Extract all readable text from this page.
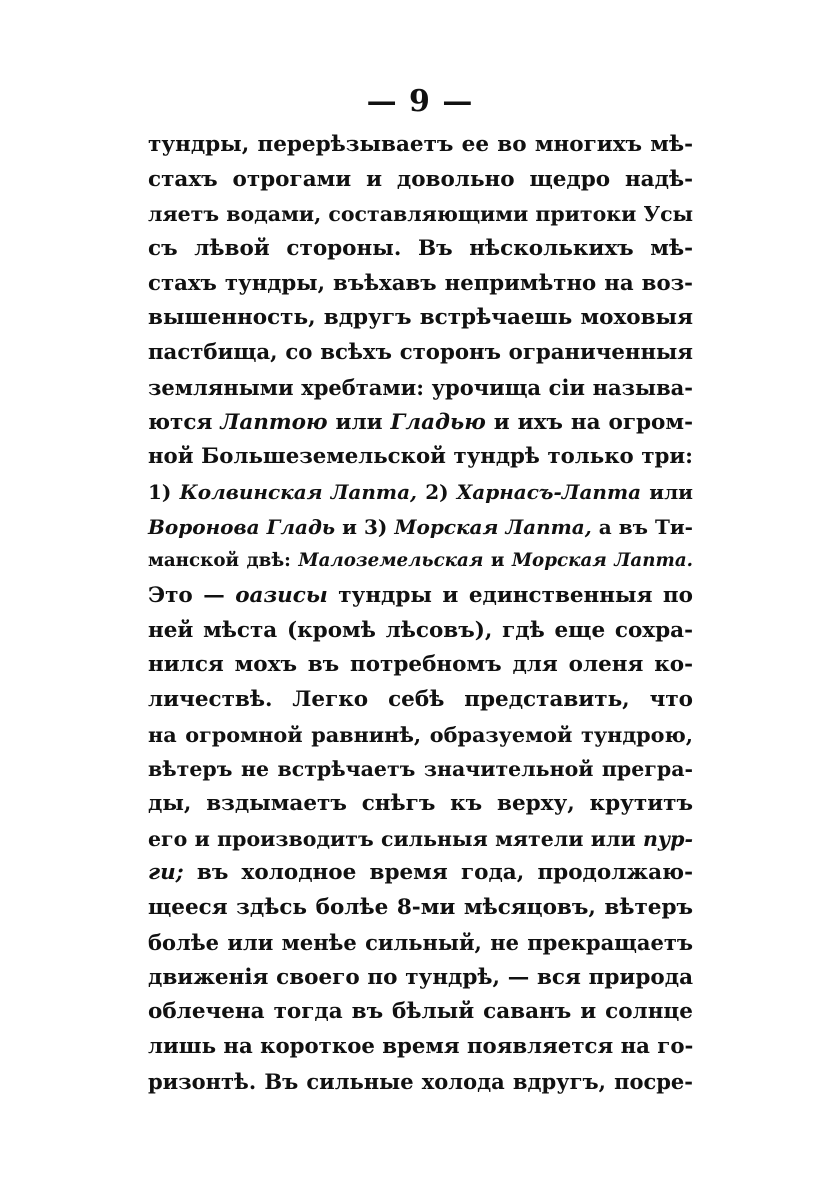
— 9 —
тундры, перерѣзываетъ ее во многихъ мѣ-
стахъ отрогами и довольно щедро надѣ-
ляетъ водами, составляющими притоки Усы
съ лѣвой стороны. Въ нѣсколькихъ мѣ-
стахъ тундры, въѣхавъ непримѣтно на воз-
вышенность, вдругъ встрѣчаешь моховыя
пастбища, со всѣхъ сторонъ ограниченныя
земляными хребтами: урочища сіи называ-
ются Лаптою или Гладью и ихъ на огром-
ной Большеземельской тундрѣ только три:
1) Колвинская Лапта, 2) Харнасъ-Лапта или
Воронова Гладь и 3) Морская Лапта, а въ Ти-
манской двѣ: Малоземельская и Морская Лапта.
Это — оазисы тундры и единственныя по
ней мѣста (кромѣ лѣсовъ), гдѣ еще сохра-
нился мохъ въ потребномъ для оленя ко-
личествѣ. Легко себѣ представить, что
на огромной равнинѣ, образуемой тундрою,
вѣтеръ не встрѣчаетъ значительной прегра-
ды, вздымаетъ снѣгъ къ верху, крутитъ
его и производитъ сильныя мятели или пур-
ги; въ холодное время года, продолжаю-
щееся здѣсь болѣе 8-ми мѣсяцовъ, вѣтеръ
болѣе или менѣе сильный, не прекращаетъ
движенія своего по тундрѣ, — вся природа
облечена тогда въ бѣлый саванъ и солнце
лишь на короткое время появляется на го-
ризонтѣ. Въ сильные холода вдругъ, посре-
